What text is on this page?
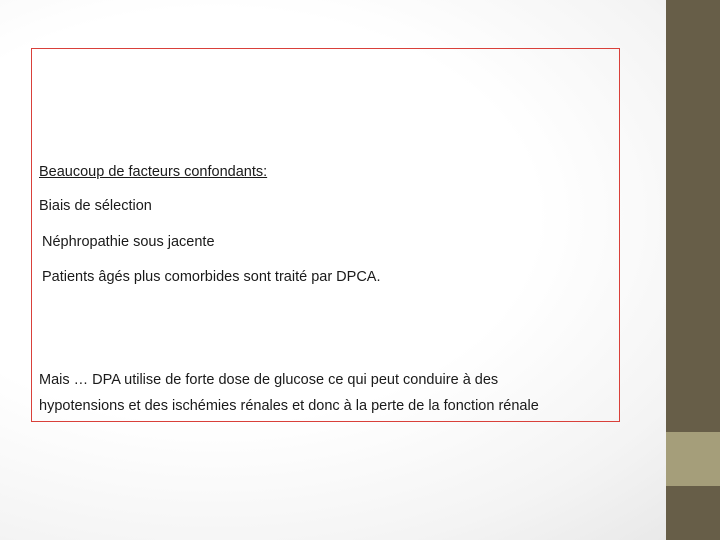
Beaucoup de facteurs confondants:
Biais de sélection
Néphropathie sous jacente
Patients âgés plus comorbides sont traité par DPCA.
Mais … DPA utilise de forte dose de glucose ce qui peut conduire à des
hypotensions et des ischémies rénales et donc à la perte de la fonction rénale
